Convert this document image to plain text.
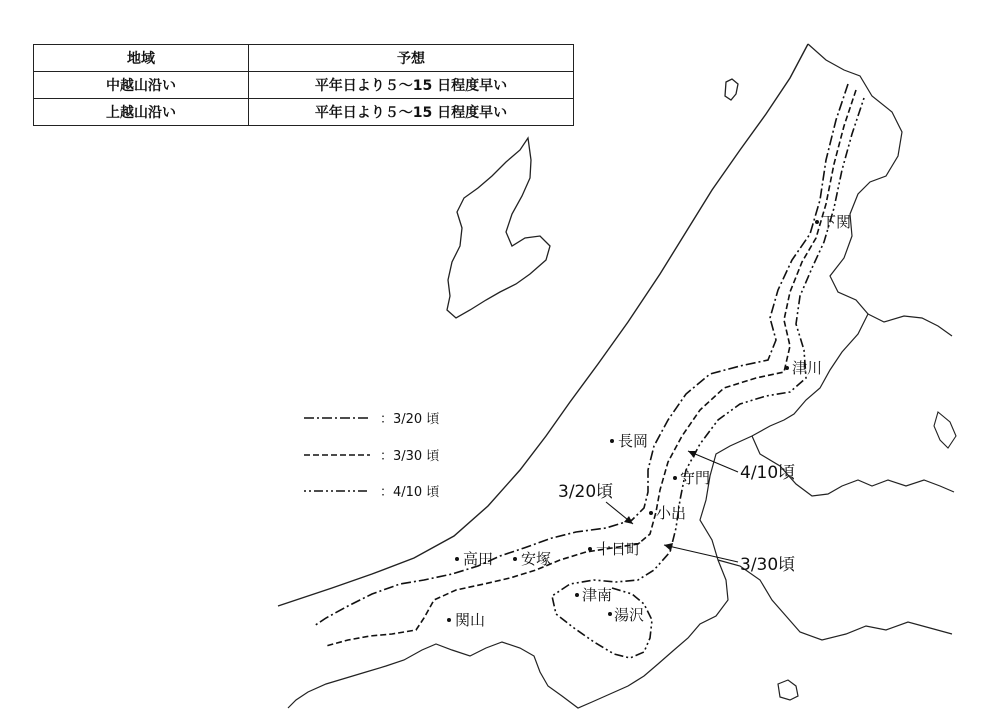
地域	予想
中越山沿い	平年日より５〜15 日程度早い
上越山沿い	平年日より５〜15 日程度早い
：3/20 頃
：3/30 頃
：4/10 頃
下関
津川
長岡
守門
小出
十日町
高田 安塚
津南
湯沢
関山
3/20頃
4/10頃
3/30頃
